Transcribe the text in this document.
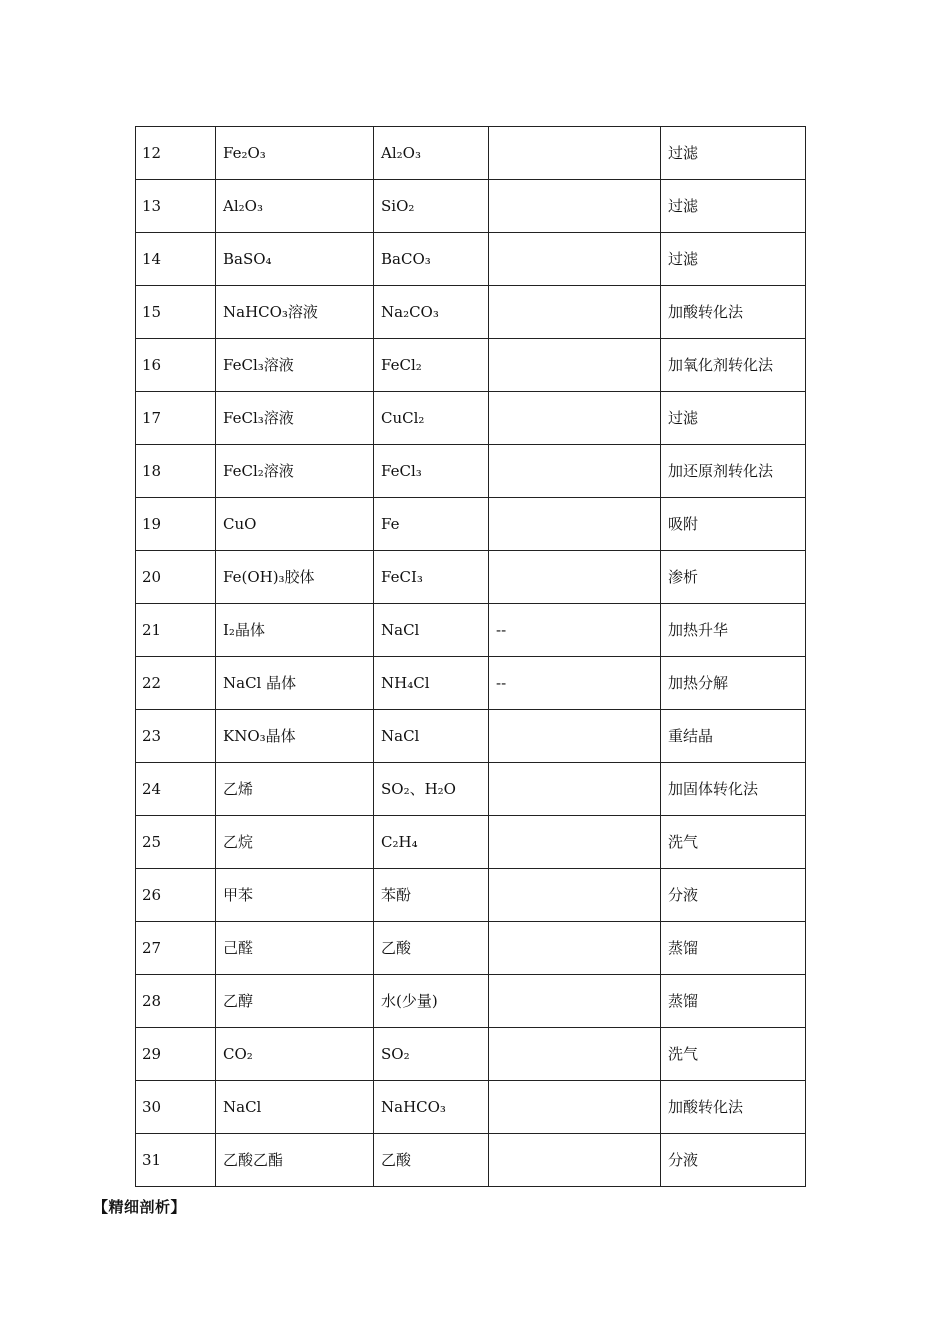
12	Fe₂O₃	Al₂O₃		过滤
13	Al₂O₃	SiO₂		过滤
14	BaSO₄	BaCO₃		过滤
15	NaHCO₃溶液	Na₂CO₃		加酸转化法
16	FeCl₃溶液	FeCl₂		加氧化剂转化法
17	FeCl₃溶液	CuCl₂		过滤
18	FeCl₂溶液	FeCl₃		加还原剂转化法
19	CuO	Fe		吸附
20	Fe(OH)₃胶体	FeCI₃		渗析
21	I₂晶体	NaCl	--	加热升华
22	NaCl 晶体	NH₄Cl	--	加热分解
23	KNO₃晶体	NaCl		重结晶
24	乙烯	SO₂、H₂O		加固体转化法
25	乙烷	C₂H₄		洗气
26	甲苯	苯酚		分液
27	己醛	乙酸		蒸馏
28	乙醇	水(少量)		蒸馏
29	CO₂	SO₂		洗气
30	NaCl	NaHCO₃		加酸转化法
31	乙酸乙酯	乙酸		分液
【精细剖析】
